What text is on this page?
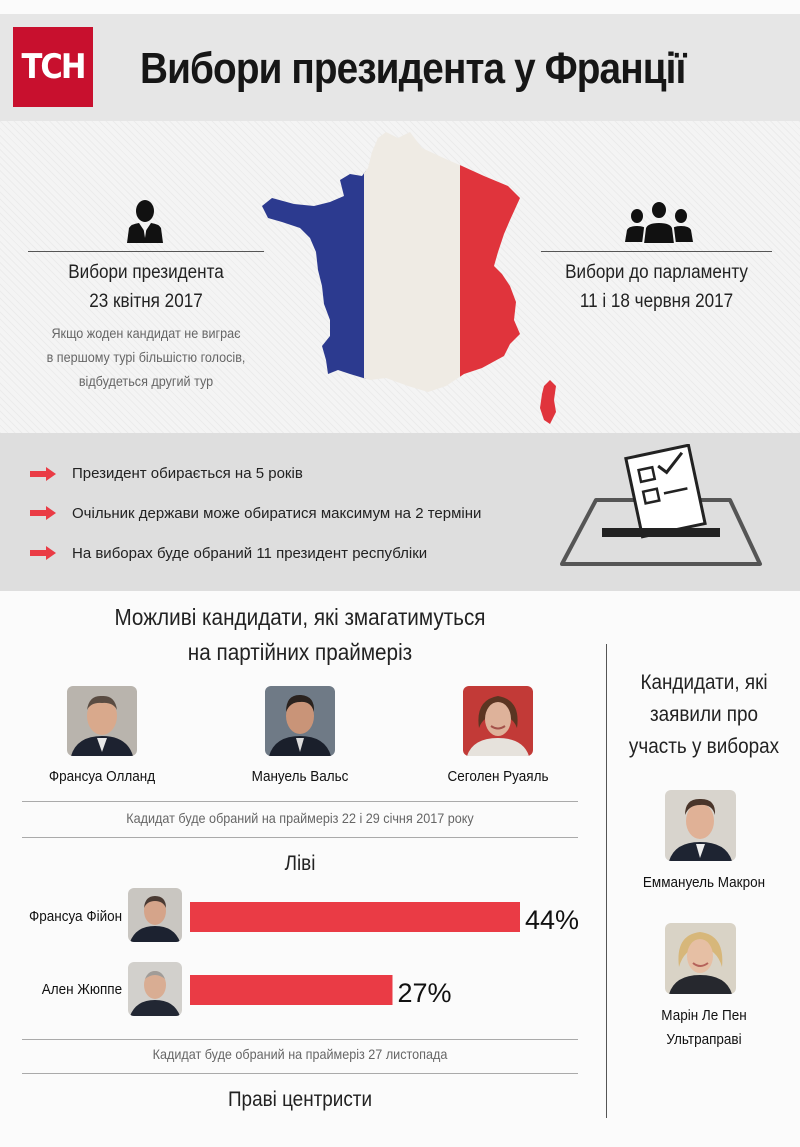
ТСН Вибори президента у Франції
Вибори президента
23 квітня 2017
Якщо жоден кандидат не виграє
в першому турі більшістю голосів,
відбудеться другий тур
Вибори до парламенту
11 і 18 червня 2017
Президент обирається на 5 років
Очільник держави може обиратися максимум на 2 терміни
На виборах буде обраний 11 президент республіки
Можливі кандидати, які змагатимуться
на партійних праймеріз
Франсуа Олланд	Мануель Вальс	Сеголен Руаяль
Кадидат буде обраний на праймеріз 22 і 29 січня 2017 року
Ліві
Франсуа Фійон
Ален Жюппе
44%
27%
Кадидат буде обраний на праймеріз 27 листопада
Праві центристи
Кандидати, які
заявили про
участь у виборах
Еммануель Макрон
Марін Ле Пен
Ультраправі
